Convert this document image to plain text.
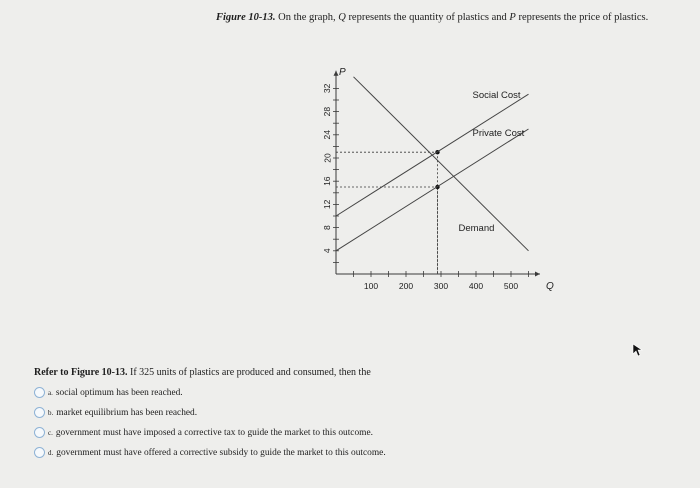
Figure 10-13. On the graph, Q represents the quantity of plastics and P represents the price of plastics.
P
Q
100 200 300 400 500
4
8
12
16
20
24
28
32
Social Cost
Private Cost
Demand
Refer to Figure 10-13. If 325 units of plastics are produced and consumed, then the
a. social optimum has been reached.
b. market equilibrium has been reached.
c. government must have imposed a corrective tax to guide the market to this outcome.
d. government must have offered a corrective subsidy to guide the market to this outcome.
